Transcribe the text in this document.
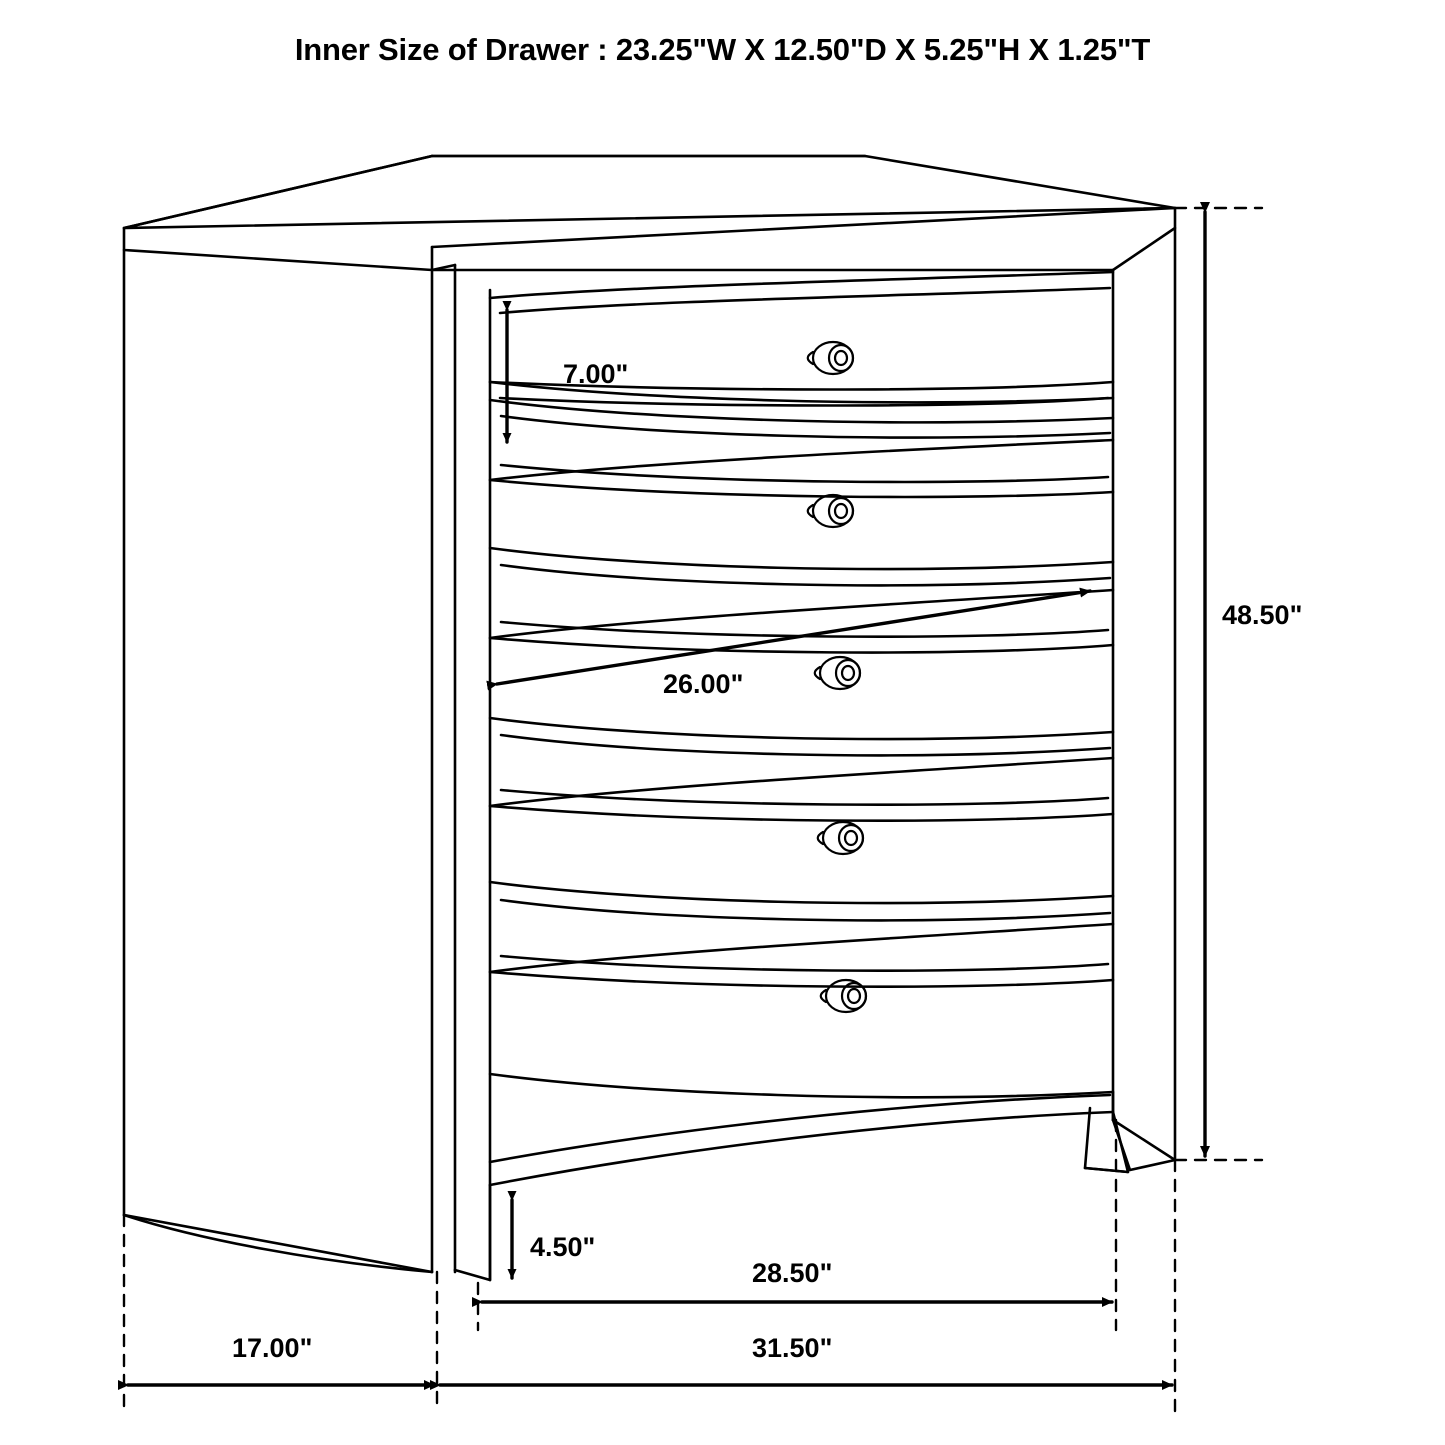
Inner Size of Drawer : 23.25"W X 12.50"D X 5.25"H X 1.25"T
7.00"
48.50"
26.00"
4.50"
28.50"
31.50"
17.00"
